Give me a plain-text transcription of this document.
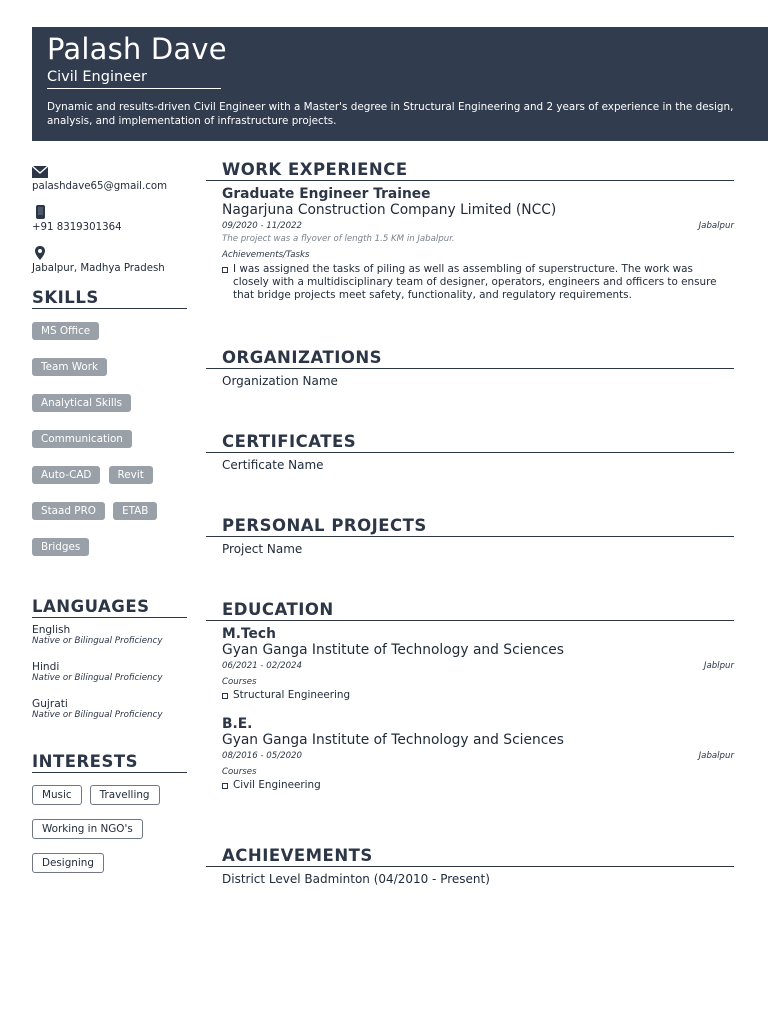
Palash Dave
Civil Engineer
Dynamic and results-driven Civil Engineer with a Master's degree in Structural Engineering and 2 years of experience in the design, analysis, and implementation of infrastructure projects.
palashdave65@gmail.com
+91 8319301364
Jabalpur, Madhya Pradesh
SKILLS
MS Office
Team Work
Analytical Skills
Communication
Auto-CAD	Revit
Staad PRO	ETAB
Bridges
LANGUAGES
English
Native or Bilingual Proficiency
Hindi
Native or Bilingual Proficiency
Gujrati
Native or Bilingual Proficiency
INTERESTS
Music	Travelling
Working in NGO's
Designing
WORK EXPERIENCE
Graduate Engineer Trainee
Nagarjuna Construction Company Limited (NCC)
09/2020 - 11/2022	Jabalpur
The project was a flyover of length 1.5 KM in Jabalpur.
Achievements/Tasks
I was assigned the tasks of piling as well as assembling of superstructure. The work was closely with a multidisciplinary team of designer, operators, engineers and officers to ensure that bridge projects meet safety, functionality, and regulatory requirements.
ORGANIZATIONS
Organization Name
CERTIFICATES
Certificate Name
PERSONAL PROJECTS
Project Name
EDUCATION
M.Tech
Gyan Ganga Institute of Technology and Sciences
06/2021 - 02/2024	Jablpur
Courses
Structural Engineering
B.E.
Gyan Ganga Institute of Technology and Sciences
08/2016 - 05/2020	Jabalpur
Courses
Civil Engineering
ACHIEVEMENTS
District Level Badminton (04/2010 - Present)
